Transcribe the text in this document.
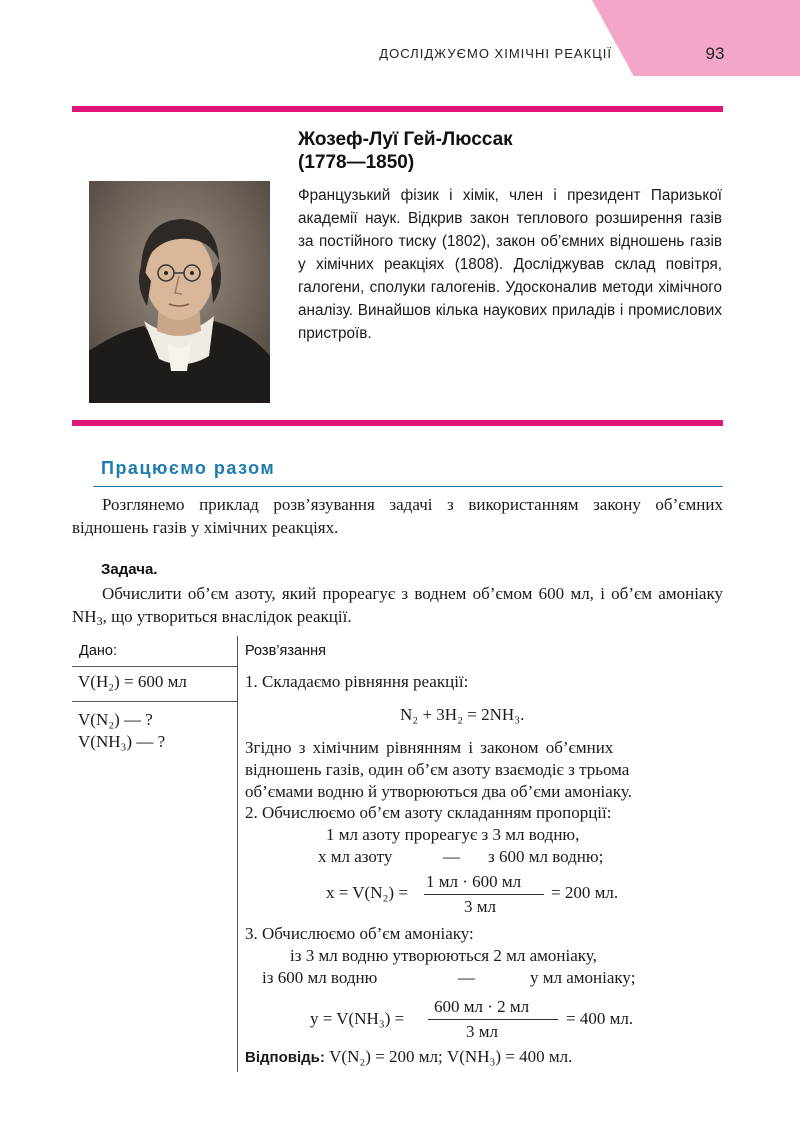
ДОСЛІДЖУЄМО ХІМІЧНІ РЕАКЦІЇ	93
Жозеф-Луї Гей-Люссак
(1778—1850)
Французький фізик і хімік, член і президент Паризької академії наук. Відкрив закон теплового розширення газів за постійного тиску (1802), закон об’ємних відношень газів у хімічних реакціях (1808). Досліджував склад повітря, галогени, сполуки галогенів. Удосконалив методи хімічного аналізу. Винайшов кілька наукових приладів і промислових пристроїв.
Працюємо разом
Розглянемо приклад розв’язування задачі з використанням закону об’ємних відношень газів у хімічних реакціях.
Задача.
Обчислити об’єм азоту, який прореагує з воднем об’ємом 600 мл, і об’єм амоніаку $NH_3$, що утвориться внаслідок реакції.
Дано:	Розв’язання
V(H₂) = 600 мл
V(N₂) — ?
V(NH₃) — ?
1. Складаємо рівняння реакції:
N₂ + 3H₂ = 2NH₃.
Згідно з хімічним рівнянням і законом об’ємних
відношень газів, один об’єм азоту взаємодіє з трьома
об’ємами водню й утворюються два об’єми амоніаку.
2. Обчислюємо об’єм азоту складанням пропорції:
1 мл азоту прореагує з 3 мл водню,
x мл азоту	— з 600 мл водню;
x = V(N₂) =
1 мл · 600 мл
3 мл
= 200 мл.
3. Обчислюємо об’єм амоніаку:
із 3 мл водню утворюються 2 мл амоніаку,
із 600 мл водню	—	y мл амоніаку;
y = V(NH₃) =
600 мл · 2 мл
3 мл
= 400 мл.
Відповідь: V(N₂) = 200 мл; V(NH₃) = 400 мл.
